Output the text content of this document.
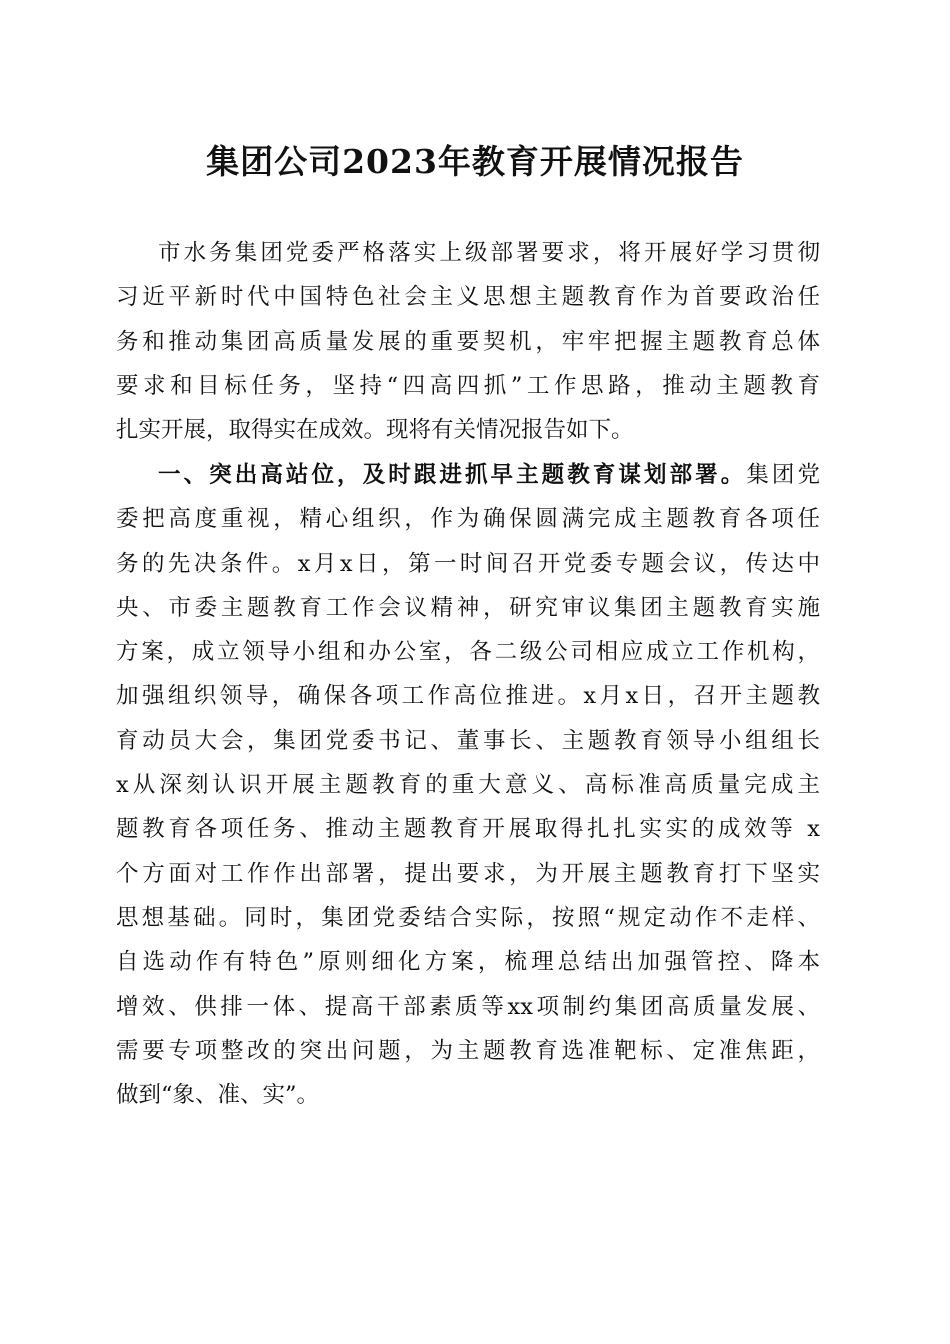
集团公司2023年教育开展情况报告
市水务集团党委严格落实上级部署要求，将开展好学习贯彻
习近平新时代中国特色社会主义思想主题教育作为首要政治任
务和推动集团高质量发展的重要契机，牢牢把握主题教育总体
要求和目标任务，坚持“四高四抓”工作思路，推动主题教育
扎实开展，取得实在成效。现将有关情况报告如下。
一、突出高站位，及时跟进抓早主题教育谋划部署。集团党
委把高度重视，精心组织，作为确保圆满完成主题教育各项任
务的先决条件。x月x日，第一时间召开党委专题会议，传达中
央、市委主题教育工作会议精神，研究审议集团主题教育实施
方案，成立领导小组和办公室，各二级公司相应成立工作机构，
加强组织领导，确保各项工作高位推进。x月x日，召开主题教
育动员大会，集团党委书记、董事长、主题教育领导小组组长
x从深刻认识开展主题教育的重大意义、高标准高质量完成主
题教育各项任务、推动主题教育开展取得扎扎实实的成效等 x
个方面对工作作出部署，提出要求，为开展主题教育打下坚实
思想基础。同时，集团党委结合实际，按照“规定动作不走样、
自选动作有特色”原则细化方案，梳理总结出加强管控、降本
增效、供排一体、提高干部素质等xx项制约集团高质量发展、
需要专项整改的突出问题，为主题教育选准靶标、定准焦距，
做到“象、准、实”。
